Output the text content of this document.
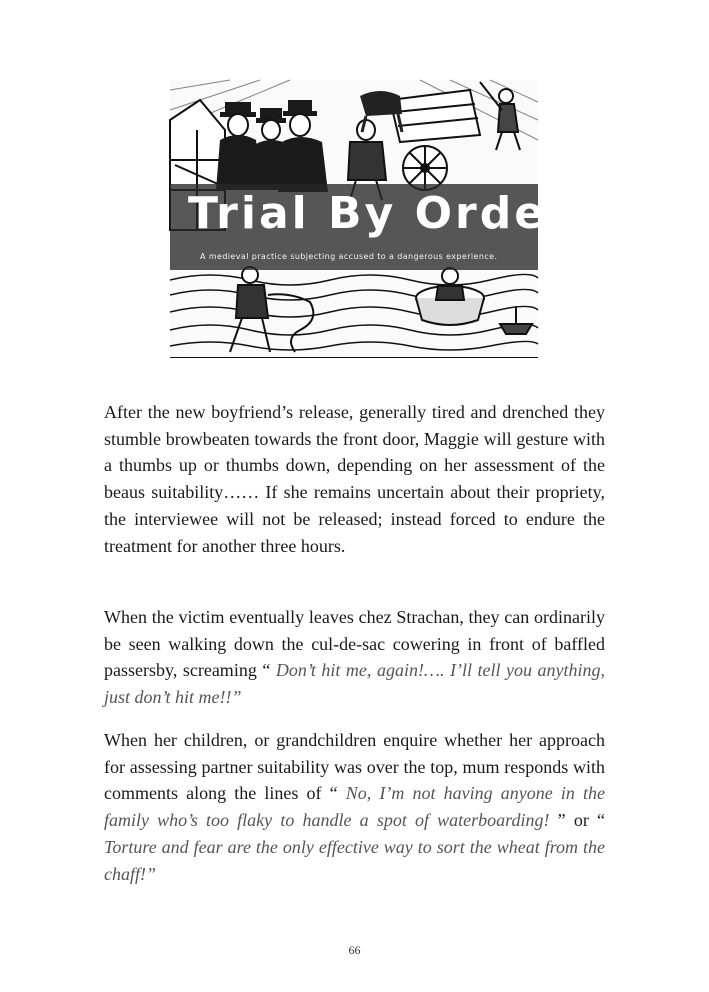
Trial By Ordeal
A medieval practice subjecting accused to a dangerous experience.

After the new boyfriend’s release, generally tired and drenched they stumble browbeaten towards the front door, Maggie will gesture with a thumbs up or thumbs down, depending on her assessment of the beaus suitability…… If she remains uncertain about their propriety, the interviewee will not be released; instead forced to endure the treatment for another three hours.

When the victim eventually leaves chez Strachan, they can ordinarily be seen walking down the cul-de-sac cowering in front of baffled passersby, screaming “ Don’t hit me, again!…. I’ll tell you anything, just don’t hit me!!”

When her children, or grandchildren enquire whether her approach for assessing partner suitability was over the top, mum responds with comments along the lines of “ No, I’m not having anyone in the family who’s too flaky to handle a spot of waterboarding! ” or “ Torture and fear are the only effective way to sort the wheat from the chaff!”

66
